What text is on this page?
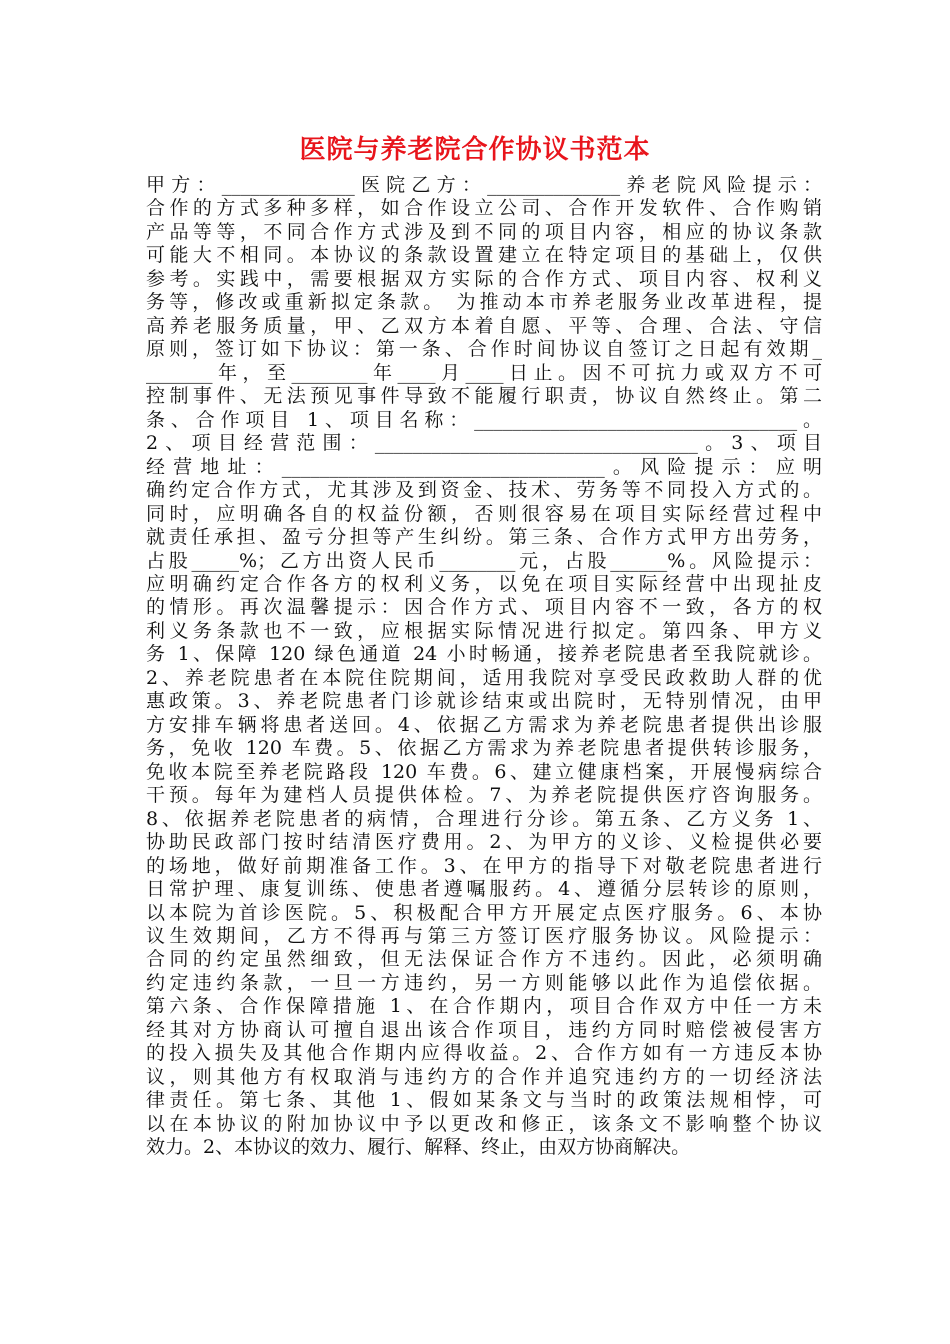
医院与养老院合作协议书范本
甲方：______________医院乙方：______________养老院风险提示：
合作的方式多种多样，如合作设立公司、合作开发软件、合作购销
产品等等，不同合作方式涉及到不同的项目内容，相应的协议条款
可能大不相同。本协议的条款设置建立在特定项目的基础上，仅供
参考。实践中，需要根据双方实际的合作方式、项目内容、权利义
务等，修改或重新拟定条款。 为推动本市养老服务业改革进程，提
高养老服务质量，甲、乙双方本着自愿、平等、合理、合法、守信
原则，签订如下协议：第一条、合作时间协议自签订之日起有效期_
_______年，至________年____月____日止。因不可抗力或双方不可
控制事件、无法预见事件导致不能履行职责，协议自然终止。第二
条、合作项目 1、项目名称：__________________________________。
2、项目经营范围：__________________________________。3、项目
经营地址：__________________________________。风险提示：应明
确约定合作方式，尤其涉及到资金、技术、劳务等不同投入方式的。
同时，应明确各自的权益份额，否则很容易在项目实际经营过程中
就责任承担、盈亏分担等产生纠纷。第三条、合作方式甲方出劳务，
占股_____%；乙方出资人民币________元，占股______%。风险提示：
应明确约定合作各方的权利义务，以免在项目实际经营中出现扯皮
的情形。再次温馨提示：因合作方式、项目内容不一致，各方的权
利义务条款也不一致，应根据实际情况进行拟定。第四条、甲方义
务 1、保障 120 绿色通道 24 小时畅通，接养老院患者至我院就诊。
2、养老院患者在本院住院期间，适用我院对享受民政救助人群的优
惠政策。3、养老院患者门诊就诊结束或出院时，无特别情况，由甲
方安排车辆将患者送回。4、依据乙方需求为养老院患者提供出诊服
务，免收 120 车费。5、依据乙方需求为养老院患者提供转诊服务，
免收本院至养老院路段 120 车费。6、建立健康档案，开展慢病综合
干预。每年为建档人员提供体检。7、为养老院提供医疗咨询服务。
8、依据养老院患者的病情，合理进行分诊。第五条、乙方义务 1、
协助民政部门按时结清医疗费用。2、为甲方的义诊、义检提供必要
的场地，做好前期准备工作。3、在甲方的指导下对敬老院患者进行
日常护理、康复训练、使患者遵嘱服药。4、遵循分层转诊的原则，
以本院为首诊医院。5、积极配合甲方开展定点医疗服务。6、本协
议生效期间，乙方不得再与第三方签订医疗服务协议。风险提示：
合同的约定虽然细致，但无法保证合作方不违约。因此，必须明确
约定违约条款，一旦一方违约，另一方则能够以此作为追偿依据。
第六条、合作保障措施 1、在合作期内，项目合作双方中任一方未
经其对方协商认可擅自退出该合作项目，违约方同时赔偿被侵害方
的投入损失及其他合作期内应得收益。2、合作方如有一方违反本协
议，则其他方有权取消与违约方的合作并追究违约方的一切经济法
律责任。第七条、其他 1、假如某条文与当时的政策法规相悖，可
以在本协议的附加协议中予以更改和修正，该条文不影响整个协议
效力。2、本协议的效力、履行、解释、终止，由双方协商解决。
